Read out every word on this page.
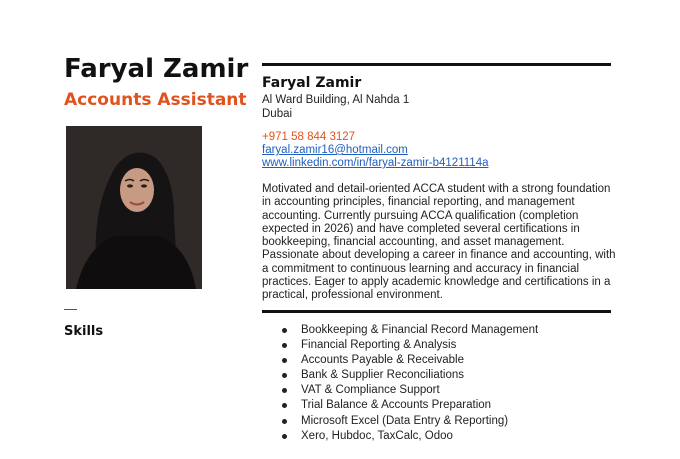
Faryal Zamir
Accounts Assistant
Skills
Faryal Zamir
Al Ward Building, Al Nahda 1
Dubai
+971 58 844 3127
faryal.zamir16@hotmail.com
www.linkedin.com/in/faryal-zamir-b4121114a
Motivated and detail-oriented ACCA student with a strong foundation in accounting principles, financial reporting, and management accounting. Currently pursuing ACCA qualification (completion expected in 2026) and have completed several certifications in bookkeeping, financial accounting, and asset management. Passionate about developing a career in finance and accounting, with a commitment to continuous learning and accuracy in financial practices. Eager to apply academic knowledge and certifications in a practical, professional environment.
Bookkeeping & Financial Record Management
Financial Reporting & Analysis
Accounts Payable & Receivable
Bank & Supplier Reconciliations
VAT & Compliance Support
Trial Balance & Accounts Preparation
Microsoft Excel (Data Entry & Reporting)
Xero, Hubdoc, TaxCalc, Odoo
